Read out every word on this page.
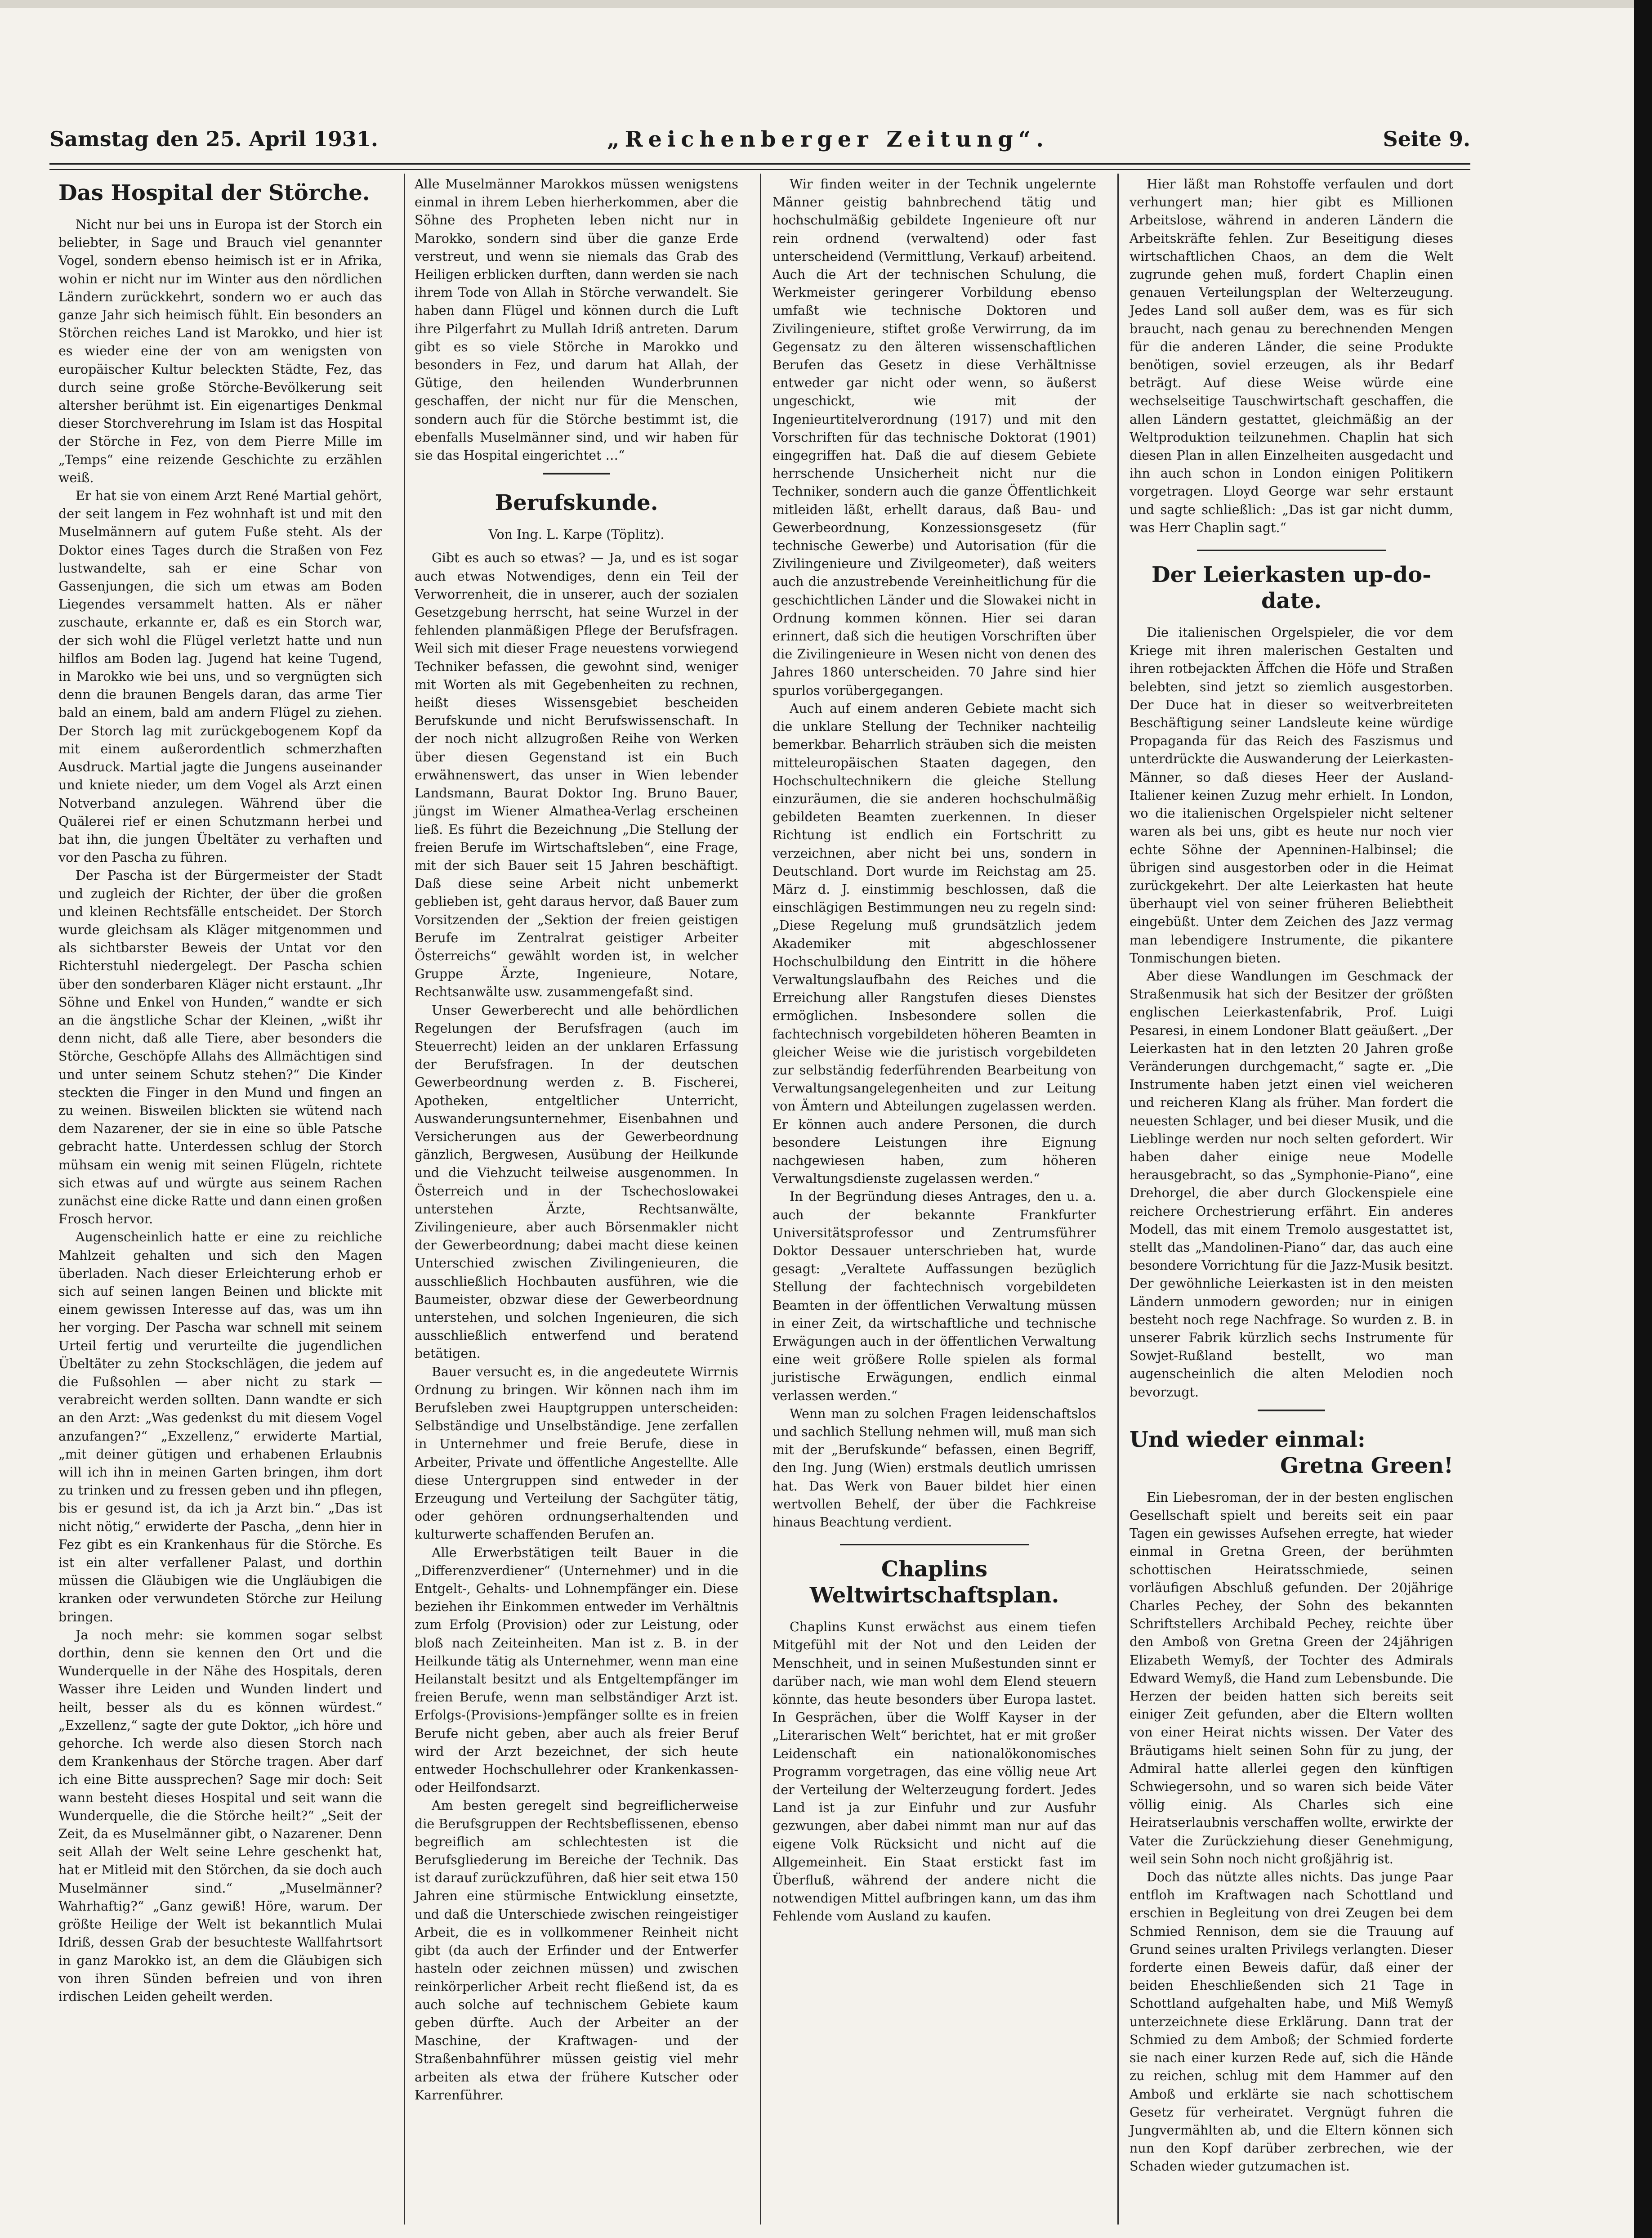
Samstag den 25. April 1931.	„Reichenberger Zeitung“.	Seite 9.
Das Hospital der Störche.

Nicht nur bei uns in Europa ist der Storch ein beliebter, in Sage und Brauch viel genannter Vogel, sondern ebenso heimisch ist er in Afrika, wohin er nicht nur im Winter aus den nördlichen Ländern zurückkehrt, sondern wo er auch das ganze Jahr sich heimisch fühlt. Ein besonders an Störchen reiches Land ist Marokko, und hier ist es wieder eine der von am wenigsten von europäischer Kultur beleckten Städte, Fez, das durch seine große Störche-Bevölkerung seit altersher berühmt ist. Ein eigenartiges Denkmal dieser Storchverehrung im Islam ist das Hospital der Störche in Fez, von dem Pierre Mille im „Temps“ eine reizende Geschichte zu erzählen weiß.

Er hat sie von einem Arzt René Martial gehört, der seit langem in Fez wohnhaft ist und mit den Muselmännern auf gutem Fuße steht. Als der Doktor eines Tages durch die Straßen von Fez lustwandelte, sah er eine Schar von Gassenjungen, die sich um etwas am Boden Liegendes versammelt hatten. Als er näher zuschaute, erkannte er, daß es ein Storch war, der sich wohl die Flügel verletzt hatte und nun hilflos am Boden lag. Jugend hat keine Tugend, in Marokko wie bei uns, und so vergnügten sich denn die braunen Bengels daran, das arme Tier bald an einem, bald am andern Flügel zu ziehen. Der Storch lag mit zurückgebogenem Kopf da mit einem außerordentlich schmerzhaften Ausdruck. Martial jagte die Jungens auseinander und kniete nieder, um dem Vogel als Arzt einen Notverband anzulegen. Während über die Quälerei rief er einen Schutzmann herbei und bat ihn, die jungen Übeltäter zu verhaften und vor den Pascha zu führen.

Der Pascha ist der Bürgermeister der Stadt und zugleich der Richter, der über die großen und kleinen Rechtsfälle entscheidet. Der Storch wurde gleichsam als Kläger mitgenommen und als sichtbarster Beweis der Untat vor den Richterstuhl niedergelegt. Der Pascha schien über den sonderbaren Kläger nicht erstaunt. „Ihr Söhne und Enkel von Hunden,“ wandte er sich an die ängstliche Schar der Kleinen, „wißt ihr denn nicht, daß alle Tiere, aber besonders die Störche, Geschöpfe Allahs des Allmächtigen sind und unter seinem Schutz stehen?“ Die Kinder steckten die Finger in den Mund und fingen an zu weinen. Bisweilen blickten sie wütend nach dem Nazarener, der sie in eine so üble Patsche gebracht hatte. Unterdessen schlug der Storch mühsam ein wenig mit seinen Flügeln, richtete sich etwas auf und würgte aus seinem Rachen zunächst eine dicke Ratte und dann einen großen Frosch hervor.

Augenscheinlich hatte er eine zu reichliche Mahlzeit gehalten und sich den Magen überladen. Nach dieser Erleichterung erhob er sich auf seinen langen Beinen und blickte mit einem gewissen Interesse auf das, was um ihn her vorging. Der Pascha war schnell mit seinem Urteil fertig und verurteilte die jugendlichen Übeltäter zu zehn Stockschlägen, die jedem auf die Fußsohlen — aber nicht zu stark — verabreicht werden sollten. Dann wandte er sich an den Arzt: „Was gedenkst du mit diesem Vogel anzufangen?“ „Exzellenz,“ erwiderte Martial, „mit deiner gütigen und erhabenen Erlaubnis will ich ihn in meinen Garten bringen, ihm dort zu trinken und zu fressen geben und ihn pflegen, bis er gesund ist, da ich ja Arzt bin.“ „Das ist nicht nötig,“ erwiderte der Pascha, „denn hier in Fez gibt es ein Krankenhaus für die Störche. Es ist ein alter verfallener Palast, und dorthin müssen die Gläubigen wie die Ungläubigen die kranken oder verwundeten Störche zur Heilung bringen.

Ja noch mehr: sie kommen sogar selbst dorthin, denn sie kennen den Ort und die Wunderquelle in der Nähe des Hospitals, deren Wasser ihre Leiden und Wunden lindert und heilt, besser als du es können würdest.“ „Exzellenz,“ sagte der gute Doktor, „ich höre und gehorche. Ich werde also diesen Storch nach dem Krankenhaus der Störche tragen. Aber darf ich eine Bitte aussprechen? Sage mir doch: Seit wann besteht dieses Hospital und seit wann die Wunderquelle, die die Störche heilt?“ „Seit der Zeit, da es Muselmänner gibt, o Nazarener. Denn seit Allah der Welt seine Lehre geschenkt hat, hat er Mitleid mit den Störchen, da sie doch auch Muselmänner sind.“ „Muselmänner? Wahrhaftig?“ „Ganz gewiß! Höre, warum. Der größte Heilige der Welt ist bekanntlich Mulai Idriß, dessen Grab der besuchteste Wallfahrtsort in ganz Marokko ist, an dem die Gläubigen sich von ihren Sünden befreien und von ihren irdischen Leiden geheilt werden.

Alle Muselmänner Marokkos müssen wenigstens einmal in ihrem Leben hierherkommen, aber die Söhne des Propheten leben nicht nur in Marokko, sondern sind über die ganze Erde verstreut, und wenn sie niemals das Grab des Heiligen erblicken durften, dann werden sie nach ihrem Tode von Allah in Störche verwandelt. Sie haben dann Flügel und können durch die Luft ihre Pilgerfahrt zu Mullah Idriß antreten. Darum gibt es so viele Störche in Marokko und besonders in Fez, und darum hat Allah, der Gütige, den heilenden Wunderbrunnen geschaffen, der nicht nur für die Menschen, sondern auch für die Störche bestimmt ist, die ebenfalls Muselmänner sind, und wir haben für sie das Hospital eingerichtet …“

Berufskunde.
Von Ing. L. Karpe (Töplitz).

Gibt es auch so etwas? — Ja, und es ist sogar auch etwas Notwendiges, denn ein Teil der Verworrenheit, die in unserer, auch der sozialen Gesetzgebung herrscht, hat seine Wurzel in der fehlenden planmäßigen Pflege der Berufsfragen. Weil sich mit dieser Frage neuestens vorwiegend Techniker befassen, die gewohnt sind, weniger mit Worten als mit Gegebenheiten zu rechnen, heißt dieses Wissensgebiet bescheiden Berufskunde und nicht Berufswissenschaft. In der noch nicht allzugroßen Reihe von Werken über diesen Gegenstand ist ein Buch erwähnenswert, das unser in Wien lebender Landsmann, Baurat Doktor Ing. Bruno Bauer, jüngst im Wiener Almathea-Verlag erscheinen ließ. Es führt die Bezeichnung „Die Stellung der freien Berufe im Wirtschaftsleben“, eine Frage, mit der sich Bauer seit 15 Jahren beschäftigt. Daß diese seine Arbeit nicht unbemerkt geblieben ist, geht daraus hervor, daß Bauer zum Vorsitzenden der „Sektion der freien geistigen Berufe im Zentralrat geistiger Arbeiter Österreichs“ gewählt worden ist, in welcher Gruppe Ärzte, Ingenieure, Notare, Rechtsanwälte usw. zusammengefaßt sind.

Unser Gewerberecht und alle behördlichen Regelungen der Berufsfragen (auch im Steuerrecht) leiden an der unklaren Erfassung der Berufsfragen. In der deutschen Gewerbeordnung werden z. B. Fischerei, Apotheken, entgeltlicher Unterricht, Auswanderungsunternehmer, Eisenbahnen und Versicherungen aus der Gewerbeordnung gänzlich, Bergwesen, Ausübung der Heilkunde und die Viehzucht teilweise ausgenommen. In Österreich und in der Tschechoslowakei unterstehen Ärzte, Rechtsanwälte, Zivilingenieure, aber auch Börsenmakler nicht der Gewerbeordnung; dabei macht diese keinen Unterschied zwischen Zivilingenieuren, die ausschließlich Hochbauten ausführen, wie die Baumeister, obzwar diese der Gewerbeordnung unterstehen, und solchen Ingenieuren, die sich ausschließlich entwerfend und beratend betätigen.

Bauer versucht es, in die angedeutete Wirrnis Ordnung zu bringen. Wir können nach ihm im Berufsleben zwei Hauptgruppen unterscheiden: Selbständige und Unselbständige. Jene zerfallen in Unternehmer und freie Berufe, diese in Arbeiter, Private und öffentliche Angestellte. Alle diese Untergruppen sind entweder in der Erzeugung und Verteilung der Sachgüter tätig, oder gehören ordnungserhaltenden und kulturwerte schaffenden Berufen an.

Alle Erwerbstätigen teilt Bauer in die „Differenzverdiener“ (Unternehmer) und in die Entgelt-, Gehalts- und Lohnempfänger ein. Diese beziehen ihr Einkommen entweder im Verhältnis zum Erfolg (Provision) oder zur Leistung, oder bloß nach Zeiteinheiten. Man ist z. B. in der Heilkunde tätig als Unternehmer, wenn man eine Heilanstalt besitzt und als Entgeltempfänger im freien Berufe, wenn man selbständiger Arzt ist. Erfolgs-(Provisions-)empfänger sollte es in freien Berufe nicht geben, aber auch als freier Beruf wird der Arzt bezeichnet, der sich heute entweder Hochschullehrer oder Krankenkassen- oder Heilfondsarzt.

Am besten geregelt sind begreiflicherweise die Berufsgruppen der Rechtsbeflissenen, ebenso begreiflich am schlechtesten ist die Berufsgliederung im Bereiche der Technik. Das ist darauf zurückzuführen, daß hier seit etwa 150 Jahren eine stürmische Entwicklung einsetzte, und daß die Unterschiede zwischen reingeistiger Arbeit, die es in vollkommener Reinheit nicht gibt (da auch der Erfinder und der Entwerfer hasteln oder zeichnen müssen) und zwischen reinkörperlicher Arbeit recht fließend ist, da es auch solche auf technischem Gebiete kaum geben dürfte. Auch der Arbeiter an der Maschine, der Kraftwagen- und der Straßenbahnführer müssen geistig viel mehr arbeiten als etwa der frühere Kutscher oder Karrenführer.

Wir finden weiter in der Technik ungelernte Männer geistig bahnbrechend tätig und hochschulmäßig gebildete Ingenieure oft nur rein ordnend (verwaltend) oder fast unterscheidend (Vermittlung, Verkauf) arbeitend. Auch die Art der technischen Schulung, die Werkmeister geringerer Vorbildung ebenso umfaßt wie technische Doktoren und Zivilingenieure, stiftet große Verwirrung, da im Gegensatz zu den älteren wissenschaftlichen Berufen das Gesetz in diese Verhältnisse entweder gar nicht oder wenn, so äußerst ungeschickt, wie mit der Ingenieurtitelverordnung (1917) und mit den Vorschriften für das technische Doktorat (1901) eingegriffen hat. Daß die auf diesem Gebiete herrschende Unsicherheit nicht nur die Techniker, sondern auch die ganze Öffentlichkeit mitleiden läßt, erhellt daraus, daß Bau- und Gewerbeordnung, Konzessionsgesetz (für technische Gewerbe) und Autorisation (für die Zivilingenieure und Zivilgeometer), daß weiters auch die anzustrebende Vereinheitlichung für die geschichtlichen Länder und die Slowakei nicht in Ordnung kommen können. Hier sei daran erinnert, daß sich die heutigen Vorschriften über die Zivilingenieure in Wesen nicht von denen des Jahres 1860 unterscheiden. 70 Jahre sind hier spurlos vorübergegangen.

Auch auf einem anderen Gebiete macht sich die unklare Stellung der Techniker nachteilig bemerkbar. Beharrlich sträuben sich die meisten mitteleuropäischen Staaten dagegen, den Hochschultechnikern die gleiche Stellung einzuräumen, die sie anderen hochschulmäßig gebildeten Beamten zuerkennen. In dieser Richtung ist endlich ein Fortschritt zu verzeichnen, aber nicht bei uns, sondern in Deutschland. Dort wurde im Reichstag am 25. März d. J. einstimmig beschlossen, daß die einschlägigen Bestimmungen neu zu regeln sind: „Diese Regelung muß grundsätzlich jedem Akademiker mit abgeschlossener Hochschulbildung den Eintritt in die höhere Verwaltungslaufbahn des Reiches und die Erreichung aller Rangstufen dieses Dienstes ermöglichen. Insbesondere sollen die fachtechnisch vorgebildeten höheren Beamten in gleicher Weise wie die juristisch vorgebildeten zur selbständig federführenden Bearbeitung von Verwaltungsangelegenheiten und zur Leitung von Ämtern und Abteilungen zugelassen werden. Er können auch andere Personen, die durch besondere Leistungen ihre Eignung nachgewiesen haben, zum höheren Verwaltungsdienste zugelassen werden.“

In der Begründung dieses Antrages, den u. a. auch der bekannte Frankfurter Universitätsprofessor und Zentrumsführer Doktor Dessauer unterschrieben hat, wurde gesagt: „Veraltete Auffassungen bezüglich Stellung der fachtechnisch vorgebildeten Beamten in der öffentlichen Verwaltung müssen in einer Zeit, da wirtschaftliche und technische Erwägungen auch in der öffentlichen Verwaltung eine weit größere Rolle spielen als formal juristische Erwägungen, endlich einmal verlassen werden.“

Wenn man zu solchen Fragen leidenschaftslos und sachlich Stellung nehmen will, muß man sich mit der „Berufskunde“ befassen, einen Begriff, den Ing. Jung (Wien) erstmals deutlich umrissen hat. Das Werk von Bauer bildet hier einen wertvollen Behelf, der über die Fachkreise hinaus Beachtung verdient.

Chaplins Weltwirtschaftsplan.

Chaplins Kunst erwächst aus einem tiefen Mitgefühl mit der Not und den Leiden der Menschheit, und in seinen Mußestunden sinnt er darüber nach, wie man wohl dem Elend steuern könnte, das heute besonders über Europa lastet. In Gesprächen, über die Wolff Kayser in der „Literarischen Welt“ berichtet, hat er mit großer Leidenschaft ein nationalökonomisches Programm vorgetragen, das eine völlig neue Art der Verteilung der Welterzeugung fordert. Jedes Land ist ja zur Einfuhr und zur Ausfuhr gezwungen, aber dabei nimmt man nur auf das eigene Volk Rücksicht und nicht auf die Allgemeinheit. Ein Staat erstickt fast im Überfluß, während der andere nicht die notwendigen Mittel aufbringen kann, um das ihm Fehlende vom Ausland zu kaufen.

Hier läßt man Rohstoffe verfaulen und dort verhungert man; hier gibt es Millionen Arbeitslose, während in anderen Ländern die Arbeitskräfte fehlen. Zur Beseitigung dieses wirtschaftlichen Chaos, an dem die Welt zugrunde gehen muß, fordert Chaplin einen genauen Verteilungsplan der Welterzeugung. Jedes Land soll außer dem, was es für sich braucht, nach genau zu berechnenden Mengen für die anderen Länder, die seine Produkte benötigen, soviel erzeugen, als ihr Bedarf beträgt. Auf diese Weise würde eine wechselseitige Tauschwirtschaft geschaffen, die allen Ländern gestattet, gleichmäßig an der Weltproduktion teilzunehmen. Chaplin hat sich diesen Plan in allen Einzelheiten ausgedacht und ihn auch schon in London einigen Politikern vorgetragen. Lloyd George war sehr erstaunt und sagte schließlich: „Das ist gar nicht dumm, was Herr Chaplin sagt.“

Der Leierkasten up-do-date.

Die italienischen Orgelspieler, die vor dem Kriege mit ihren malerischen Gestalten und ihren rotbejackten Äffchen die Höfe und Straßen belebten, sind jetzt so ziemlich ausgestorben. Der Duce hat in dieser so weitverbreiteten Beschäftigung seiner Landsleute keine würdige Propaganda für das Reich des Faszismus und unterdrückte die Auswanderung der Leierkasten-Männer, so daß dieses Heer der Ausland-Italiener keinen Zuzug mehr erhielt. In London, wo die italienischen Orgelspieler nicht seltener waren als bei uns, gibt es heute nur noch vier echte Söhne der Apenninen-Halbinsel; die übrigen sind ausgestorben oder in die Heimat zurückgekehrt. Der alte Leierkasten hat heute überhaupt viel von seiner früheren Beliebtheit eingebüßt. Unter dem Zeichen des Jazz vermag man lebendigere Instrumente, die pikantere Tonmischungen bieten.

Aber diese Wandlungen im Geschmack der Straßenmusik hat sich der Besitzer der größten englischen Leierkastenfabrik, Prof. Luigi Pesaresi, in einem Londoner Blatt geäußert. „Der Leierkasten hat in den letzten 20 Jahren große Veränderungen durchgemacht,“ sagte er. „Die Instrumente haben jetzt einen viel weicheren und reicheren Klang als früher. Man fordert die neuesten Schlager, und bei dieser Musik, und die Lieblinge werden nur noch selten gefordert. Wir haben daher einige neue Modelle herausgebracht, so das „Symphonie-Piano“, eine Drehorgel, die aber durch Glockenspiele eine reichere Orchestrierung erfährt. Ein anderes Modell, das mit einem Tremolo ausgestattet ist, stellt das „Mandolinen-Piano“ dar, das auch eine besondere Vorrichtung für die Jazz-Musik besitzt. Der gewöhnliche Leierkasten ist in den meisten Ländern unmodern geworden; nur in einigen besteht noch rege Nachfrage. So wurden z. B. in unserer Fabrik kürzlich sechs Instrumente für Sowjet-Rußland bestellt, wo man augenscheinlich die alten Melodien noch bevorzugt.

Und wieder einmal:
Gretna Green!

Ein Liebesroman, der in der besten englischen Gesellschaft spielt und bereits seit ein paar Tagen ein gewisses Aufsehen erregte, hat wieder einmal in Gretna Green, der berühmten schottischen Heiratsschmiede, seinen vorläufigen Abschluß gefunden. Der 20jährige Charles Pechey, der Sohn des bekannten Schriftstellers Archibald Pechey, reichte über den Amboß von Gretna Green der 24jährigen Elizabeth Wemyß, der Tochter des Admirals Edward Wemyß, die Hand zum Lebensbunde. Die Herzen der beiden hatten sich bereits seit einiger Zeit gefunden, aber die Eltern wollten von einer Heirat nichts wissen. Der Vater des Bräutigams hielt seinen Sohn für zu jung, der Admiral hatte allerlei gegen den künftigen Schwiegersohn, und so waren sich beide Väter völlig einig. Als Charles sich eine Heiratserlaubnis verschaffen wollte, erwirkte der Vater die Zurückziehung dieser Genehmigung, weil sein Sohn noch nicht großjährig ist.

Doch das nützte alles nichts. Das junge Paar entfloh im Kraftwagen nach Schottland und erschien in Begleitung von drei Zeugen bei dem Schmied Rennison, dem sie die Trauung auf Grund seines uralten Privilegs verlangten. Dieser forderte einen Beweis dafür, daß einer der beiden Eheschließenden sich 21 Tage in Schottland aufgehalten habe, und Miß Wemyß unterzeichnete diese Erklärung. Dann trat der Schmied zu dem Amboß; der Schmied forderte sie nach einer kurzen Rede auf, sich die Hände zu reichen, schlug mit dem Hammer auf den Amboß und erklärte sie nach schottischem Gesetz für verheiratet. Vergnügt fuhren die Jungvermählten ab, und die Eltern können sich nun den Kopf darüber zerbrechen, wie der Schaden wieder gutzumachen ist.
